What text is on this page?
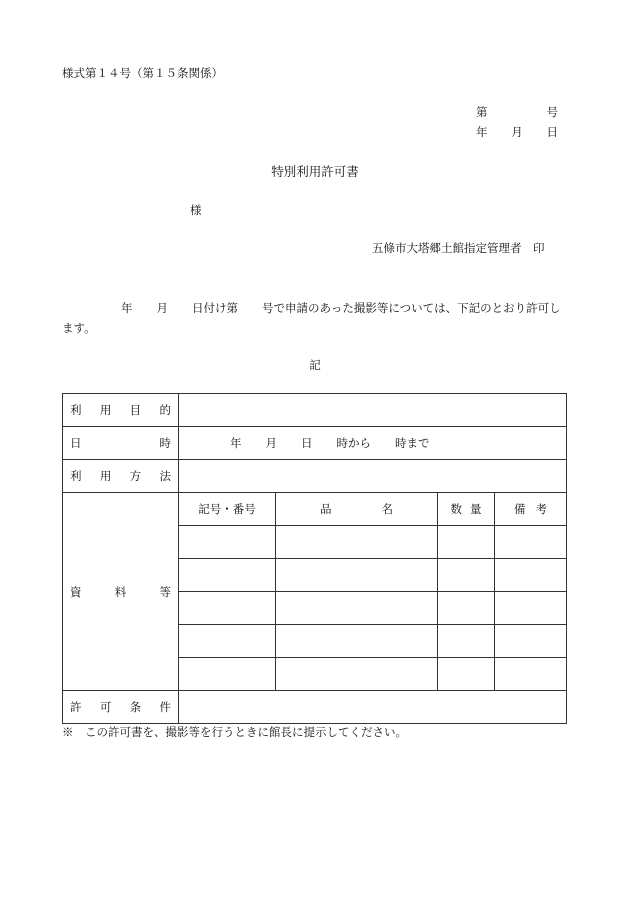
様式第１４号（第１５条関係）
第	号
年 月 日
特別利用許可書
様
五條市大塔郷土館指定管理者　印
年 月 日付け第 号で申請のあった撮影等については、下記のとおり許可します。
記
利 用 目 的				

日 時	年 月 日 時から 時まで			

利 用 方 法				

資 料 等	記号・番号	品 名	数 量	備 考

許 可 条 件				

※　この許可書を、撮影等を行うときに館長に提示してください。
